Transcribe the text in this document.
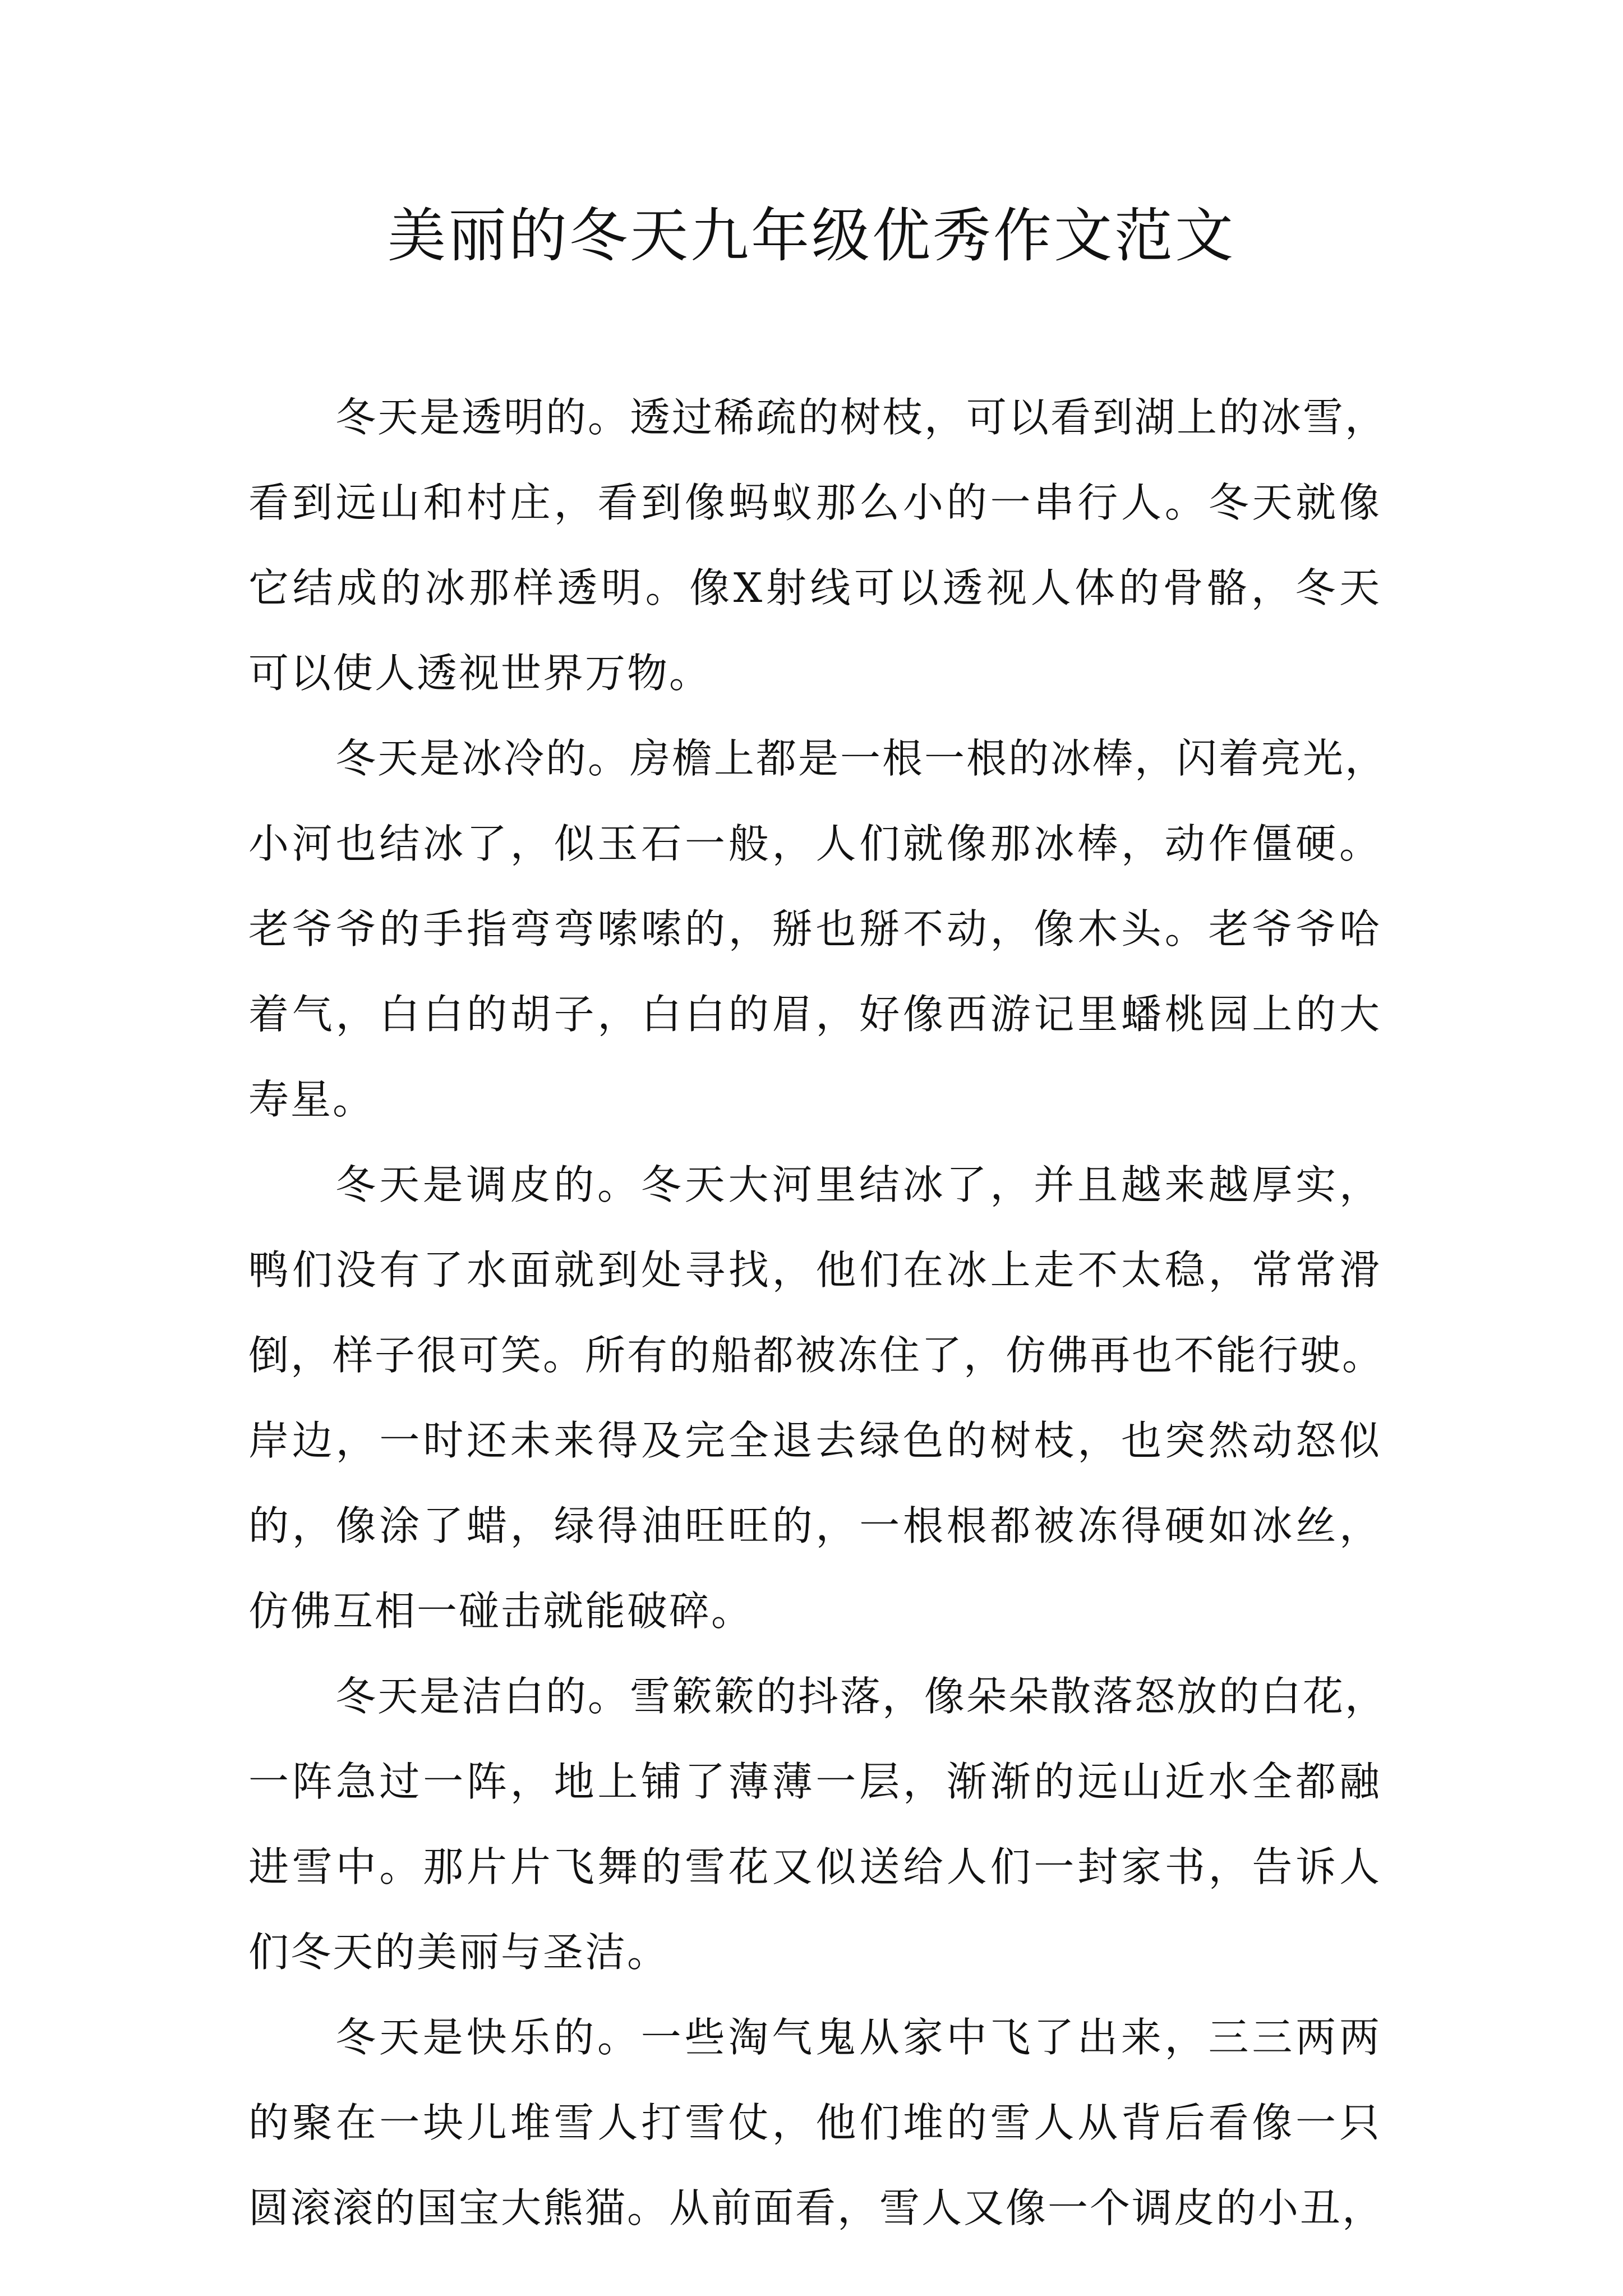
美丽的冬天九年级优秀作文范文
冬天是透明的。透过稀疏的树枝，可以看到湖上的冰雪，
看到远山和村庄，看到像蚂蚁那么小的一串行人。冬天就像
它结成的冰那样透明。像X射线可以透视人体的骨骼，冬天
可以使人透视世界万物。
冬天是冰冷的。房檐上都是一根一根的冰棒，闪着亮光，
小河也结冰了，似玉石一般，人们就像那冰棒，动作僵硬。
老爷爷的手指弯弯嗦嗦的，掰也掰不动，像木头。老爷爷哈
着气，白白的胡子，白白的眉，好像西游记里蟠桃园上的大
寿星。
冬天是调皮的。冬天大河里结冰了，并且越来越厚实，
鸭们没有了水面就到处寻找，他们在冰上走不太稳，常常滑
倒，样子很可笑。所有的船都被冻住了，仿佛再也不能行驶。
岸边，一时还未来得及完全退去绿色的树枝，也突然动怒似
的，像涂了蜡，绿得油旺旺的，一根根都被冻得硬如冰丝，
仿佛互相一碰击就能破碎。
冬天是洁白的。雪簌簌的抖落，像朵朵散落怒放的白花，
一阵急过一阵，地上铺了薄薄一层，渐渐的远山近水全都融
进雪中。那片片飞舞的雪花又似送给人们一封家书，告诉人
们冬天的美丽与圣洁。
冬天是快乐的。一些淘气鬼从家中飞了出来，三三两两
的聚在一块儿堆雪人打雪仗，他们堆的雪人从背后看像一只
圆滚滚的国宝大熊猫。从前面看，雪人又像一个调皮的小丑，
